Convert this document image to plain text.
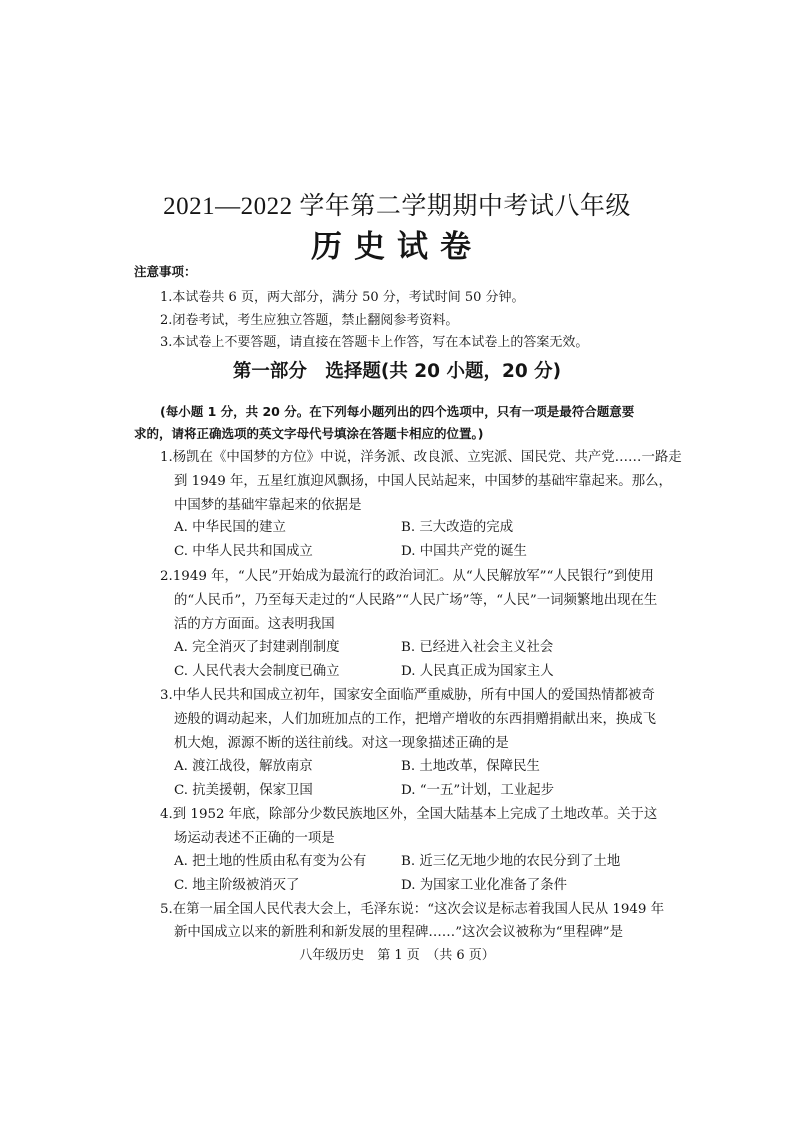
2021—2022 学年第二学期期中考试八年级
历史试卷
注意事项：
1.本试卷共 6 页，两大部分，满分 50 分，考试时间 50 分钟。
2.闭卷考试，考生应独立答题，禁止翻阅参考资料。
3.本试卷上不要答题，请直接在答题卡上作答，写在本试卷上的答案无效。
第一部分　选择题(共 20 小题，20 分)
(每小题 1 分，共 20 分。在下列每小题列出的四个选项中，只有一项是最符合题意要
求的，请将正确选项的英文字母代号填涂在答题卡相应的位置。)
1.杨凯在《中国梦的方位》中说，洋务派、改良派、立宪派、国民党、共产党……一路走
到 1949 年，五星红旗迎风飘扬，中国人民站起来，中国梦的基础牢靠起来。那么，
中国梦的基础牢靠起来的依据是
A. 中华民国的建立	B. 三大改造的完成
C. 中华人民共和国成立	D. 中国共产党的诞生
2.1949 年，“人民”开始成为最流行的政治词汇。从“人民解放军”“人民银行”到使用
的“人民币”，乃至每天走过的“人民路”“人民广场”等，“人民”一词频繁地出现在生
活的方方面面。这表明我国
A. 完全消灭了封建剥削制度	B. 已经进入社会主义社会
C. 人民代表大会制度已确立	D. 人民真正成为国家主人
3.中华人民共和国成立初年，国家安全面临严重威胁，所有中国人的爱国热情都被奇
迹般的调动起来，人们加班加点的工作，把增产增收的东西捐赠捐献出来，换成飞
机大炮，源源不断的送往前线。对这一现象描述正确的是
A. 渡江战役，解放南京	B. 土地改革，保障民生
C. 抗美援朝，保家卫国	D. “一五”计划，工业起步
4.到 1952 年底，除部分少数民族地区外，全国大陆基本上完成了土地改革。关于这
场运动表述不正确的一项是
A. 把土地的性质由私有变为公有	B. 近三亿无地少地的农民分到了土地
C. 地主阶级被消灭了	D. 为国家工业化准备了条件
5.在第一届全国人民代表大会上，毛泽东说：“这次会议是标志着我国人民从 1949 年
新中国成立以来的新胜利和新发展的里程碑……”这次会议被称为“里程碑”是
八年级历史　第 1 页　（共 6 页）
